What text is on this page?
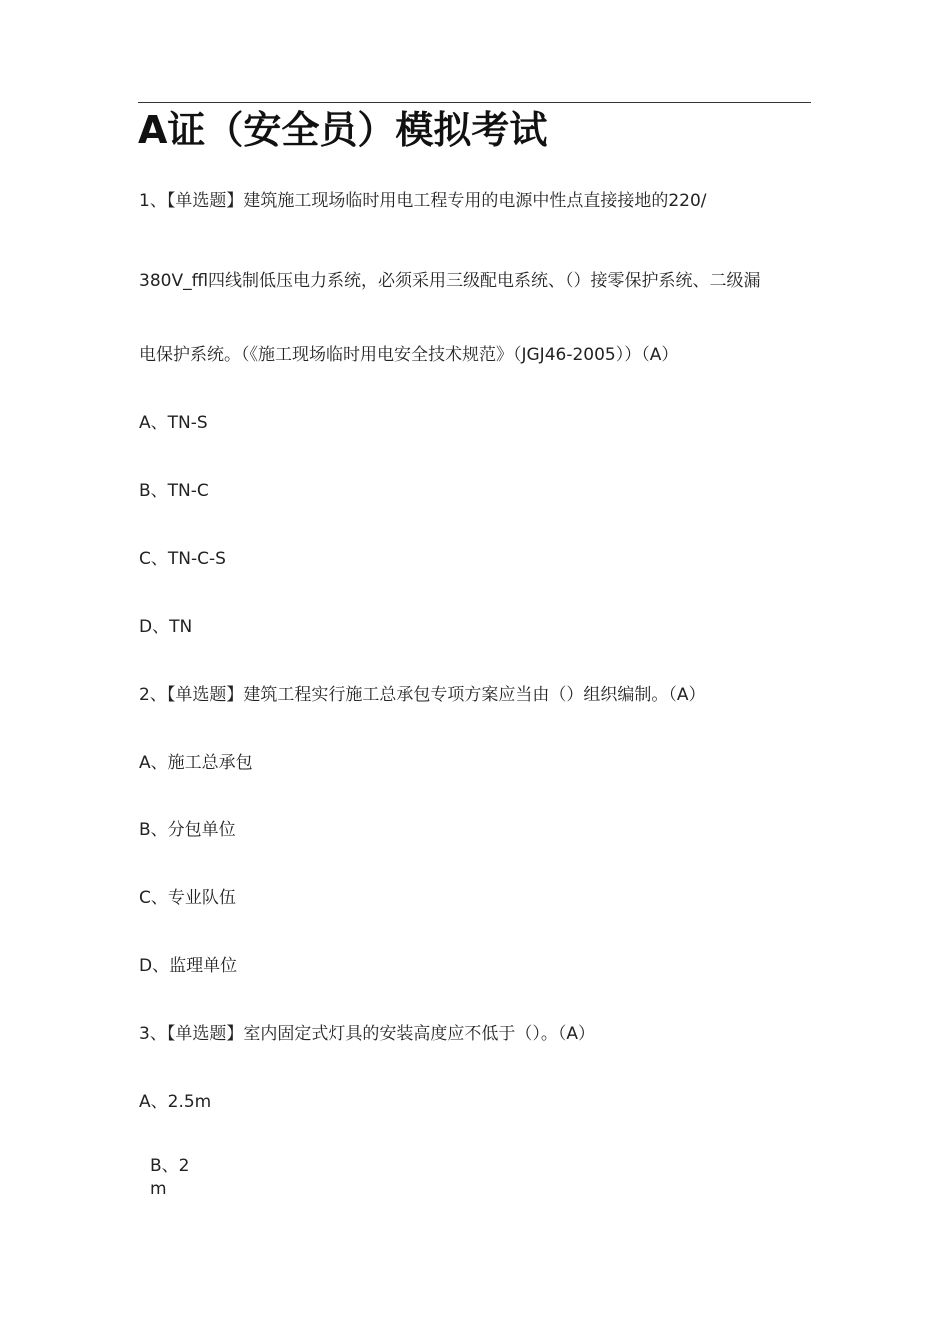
A证（安全员）模拟考试
1、【单选题】建筑施工现场临时用电工程专用的电源中性点直接接地的220/
380V_ffl四线制低压电力系统，必须采用三级配电系统、（）接零保护系统、二级漏
电保护系统。（《施工现场临时用电安全技术规范》（JGJ46-2005））（A）
A、TN-S
B、TN-C
C、TN-C-S
D、TN
2、【单选题】建筑工程实行施工总承包专项方案应当由（）组织编制。（A）
A、施工总承包
B、分包单位
C、专业队伍
D、监理单位
3、【单选题】室内固定式灯具的安装高度应不低于（）。（A）
A、2.5m
B、2
m
